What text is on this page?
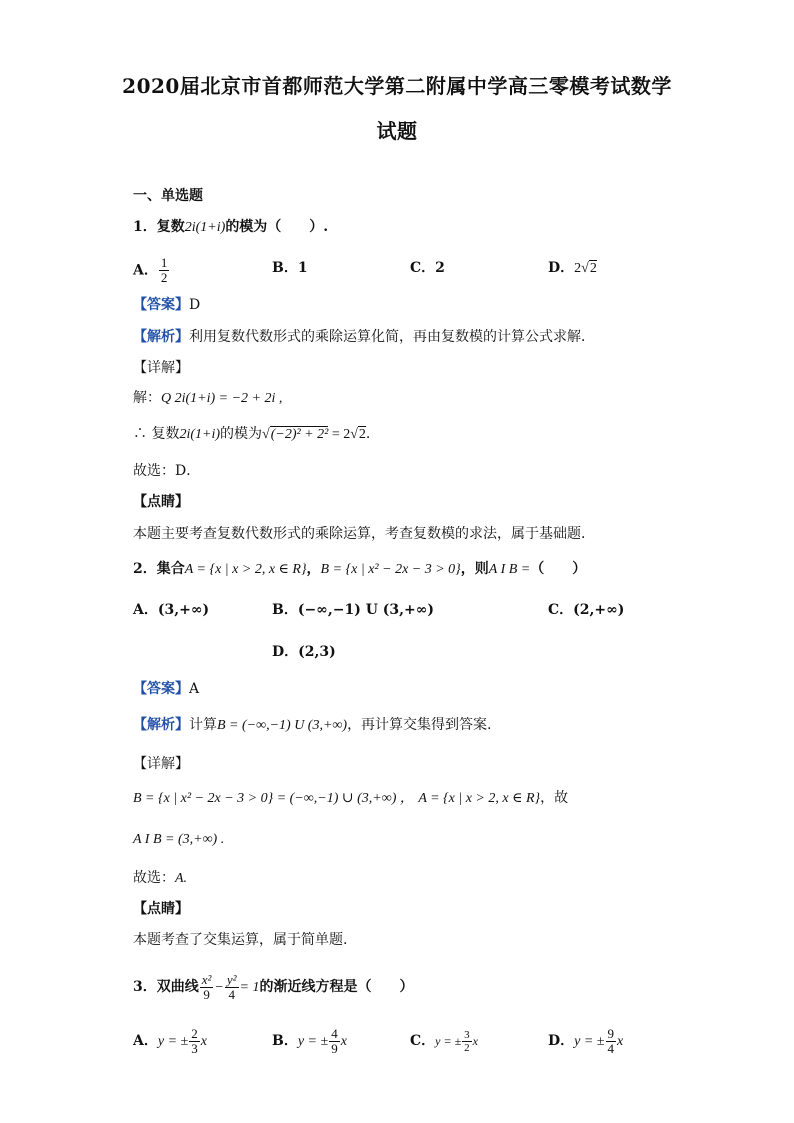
2020届北京市首都师范大学第二附属中学高三零模考试数学
试题
一、单选题
1．复数2i(1+i)的模为（　　）.
A． $\frac{1}{2}$	B．1	C．2	D．2√2
【答案】D
【解析】利用复数代数形式的乘除运算化简，再由复数模的计算公式求解．
【详解】
解：Q 2i(1+i) = −2 + 2i ,
∴ 复数2i(1+i)的模为√(−2)² + 2² = 2√2.
故选：D．
【点睛】
本题主要考查复数代数形式的乘除运算，考查复数模的求法，属于基础题．
2．集合A = {x | x > 2, x ∈ R}，B = {x | x² − 2x − 3 > 0}，则A I B =（　　）
A．(3,+∞)	B．(−∞,−1) U (3,+∞)	C．(2,+∞)
D．(2,3)
【答案】A
【解析】计算B = (−∞,−1) U (3,+∞)，再计算交集得到答案.
【详解】
B = {x | x² − 2x − 3 > 0} = (−∞,−1) ∪ (3,+∞) ， A = {x | x > 2, x ∈ R}，故
A I B = (3,+∞) .
故选：A.
【点睛】
本题考查了交集运算，属于简单题.
3．双曲线 $\frac{\text{x²}}{9} - \frac{\text{y²}}{4} = 1$的渐近线方程是（　　）
A．y = ± $\frac{2}{3}$ x	B．y = ± $\frac{4}{9}$ x	C．y = ± $\frac{3}{2}$ x	D．y = ± $\frac{9}{4}$ x
